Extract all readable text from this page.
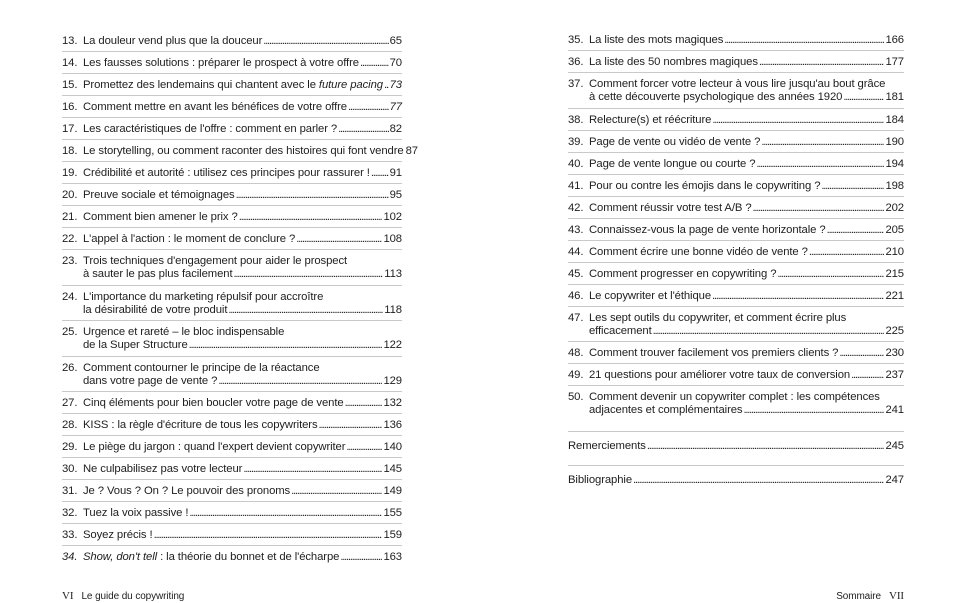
13. La douleur vend plus que la douceur . . .	65
14. Les fausses solutions : préparer le prospect à votre offre . . .	70
15. Promettez des lendemains qui chantent avec le future pacing . . . 73
16. Comment mettre en avant les bénéfices de votre offre . . .	77
17. Les caractéristiques de l'offre : comment en parler ? . . .	82
18. Le storytelling, ou comment raconter des histoires qui font vendre 87
19. Crédibilité et autorité : utilisez ces principes pour rassurer ! . . . 91
20. Preuve sociale et témoignages . . .	95
21. Comment bien amener le prix ? . . .	102
22. L'appel à l'action : le moment de conclure ? . . .	108
23. Trois techniques d'engagement pour aider le prospect
à sauter le pas plus facilement . . .	113
24. L'importance du marketing répulsif pour accroître
la désirabilité de votre produit . . .	118
25. Urgence et rareté – le bloc indispensable
de la Super Structure . . .	122
26. Comment contourner le principe de la réactance
dans votre page de vente ? . . .	129
27. Cinq éléments pour bien boucler votre page de vente . . .	132
28. KISS : la règle d'écriture de tous les copywriters . . .	136
29. Le piège du jargon : quand l'expert devient copywriter . . .	140
30. Ne culpabilisez pas votre lecteur . . .	145
31. Je ? Vous ? On ? Le pouvoir des pronoms . . .	149
32. Tuez la voix passive ! . . .	155
33. Soyez précis ! . . .	159
34. Show, don't tell : la théorie du bonnet et de l'écharpe . . .	163
35. La liste des mots magiques . . .	166
36. La liste des 50 nombres magiques . . .	177
37. Comment forcer votre lecteur à vous lire jusqu'au bout grâce
à cette découverte psychologique des années 1920 . . .	181
38. Relecture(s) et réécriture . . .	184
39. Page de vente ou vidéo de vente ? . . .	190
40. Page de vente longue ou courte ? . . .	194
41. Pour ou contre les émojis dans le copywriting ? . . .	198
42. Comment réussir votre test A/B ? . . .	202
43. Connaissez-vous la page de vente horizontale ? . . .	205
44. Comment écrire une bonne vidéo de vente ? . . .	210
45. Comment progresser en copywriting ? . . .	215
46. Le copywriter et l'éthique . . .	221
47. Les sept outils du copywriter, et comment écrire plus
efficacement . . .	225
48. Comment trouver facilement vos premiers clients ? . . .	230
49. 21 questions pour améliorer votre taux de conversion . . .	237
50. Comment devenir un copywriter complet : les compétences
adjacentes et complémentaires . . .	241
Remerciements . . .	245
Bibliographie . . .	247
VI Le guide du copywriting	Sommaire VII
